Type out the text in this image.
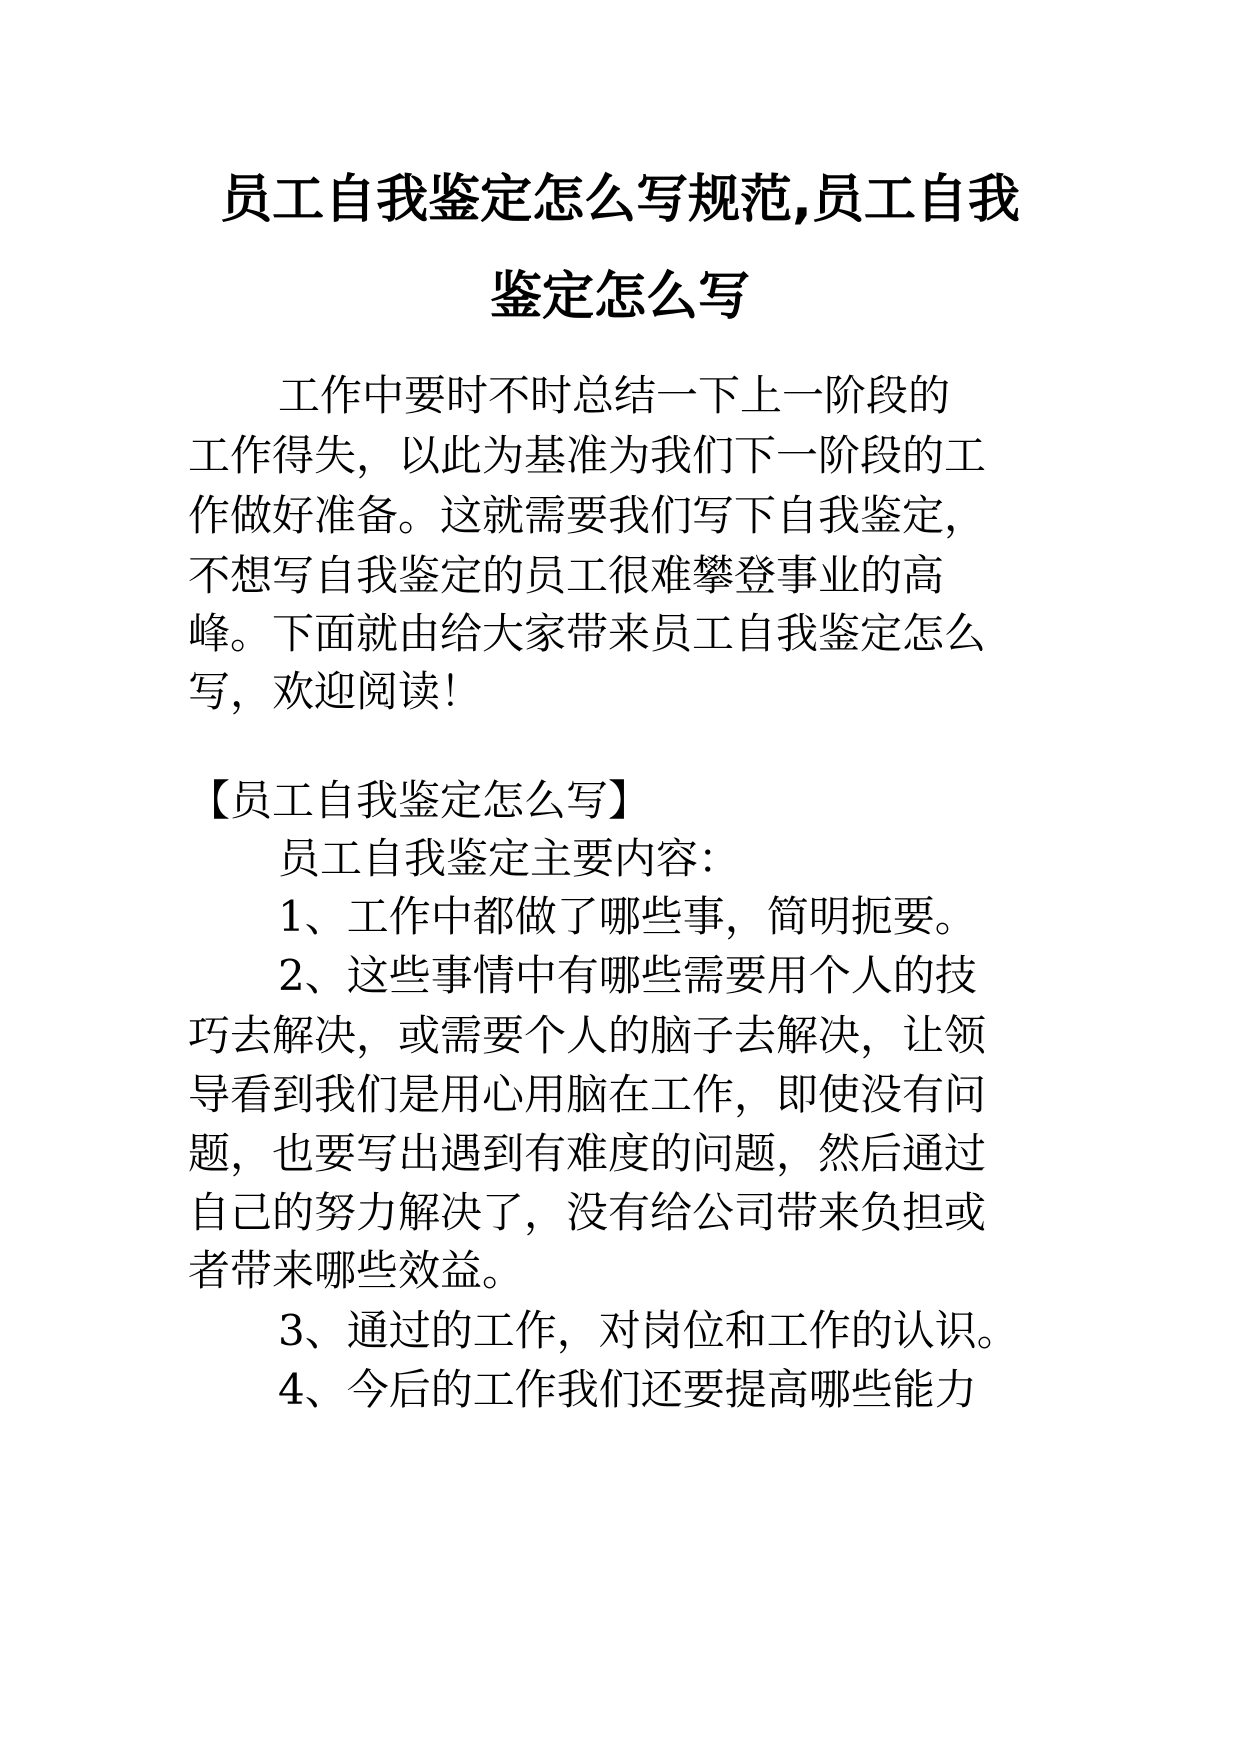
员工自我鉴定怎么写规范,员工自我
鉴定怎么写
工作中要时不时总结一下上一阶段的
工作得失，以此为基准为我们下一阶段的工
作做好准备。这就需要我们写下自我鉴定，
不想写自我鉴定的员工很难攀登事业的高
峰。下面就由给大家带来员工自我鉴定怎么
写，欢迎阅读！
【员工自我鉴定怎么写】
员工自我鉴定主要内容：
1、工作中都做了哪些事，简明扼要。
2、这些事情中有哪些需要用个人的技
巧去解决，或需要个人的脑子去解决，让领
导看到我们是用心用脑在工作，即使没有问
题，也要写出遇到有难度的问题，然后通过
自己的努力解决了，没有给公司带来负担或
者带来哪些效益。
3、通过的工作，对岗位和工作的认识。
4、今后的工作我们还要提高哪些能力
